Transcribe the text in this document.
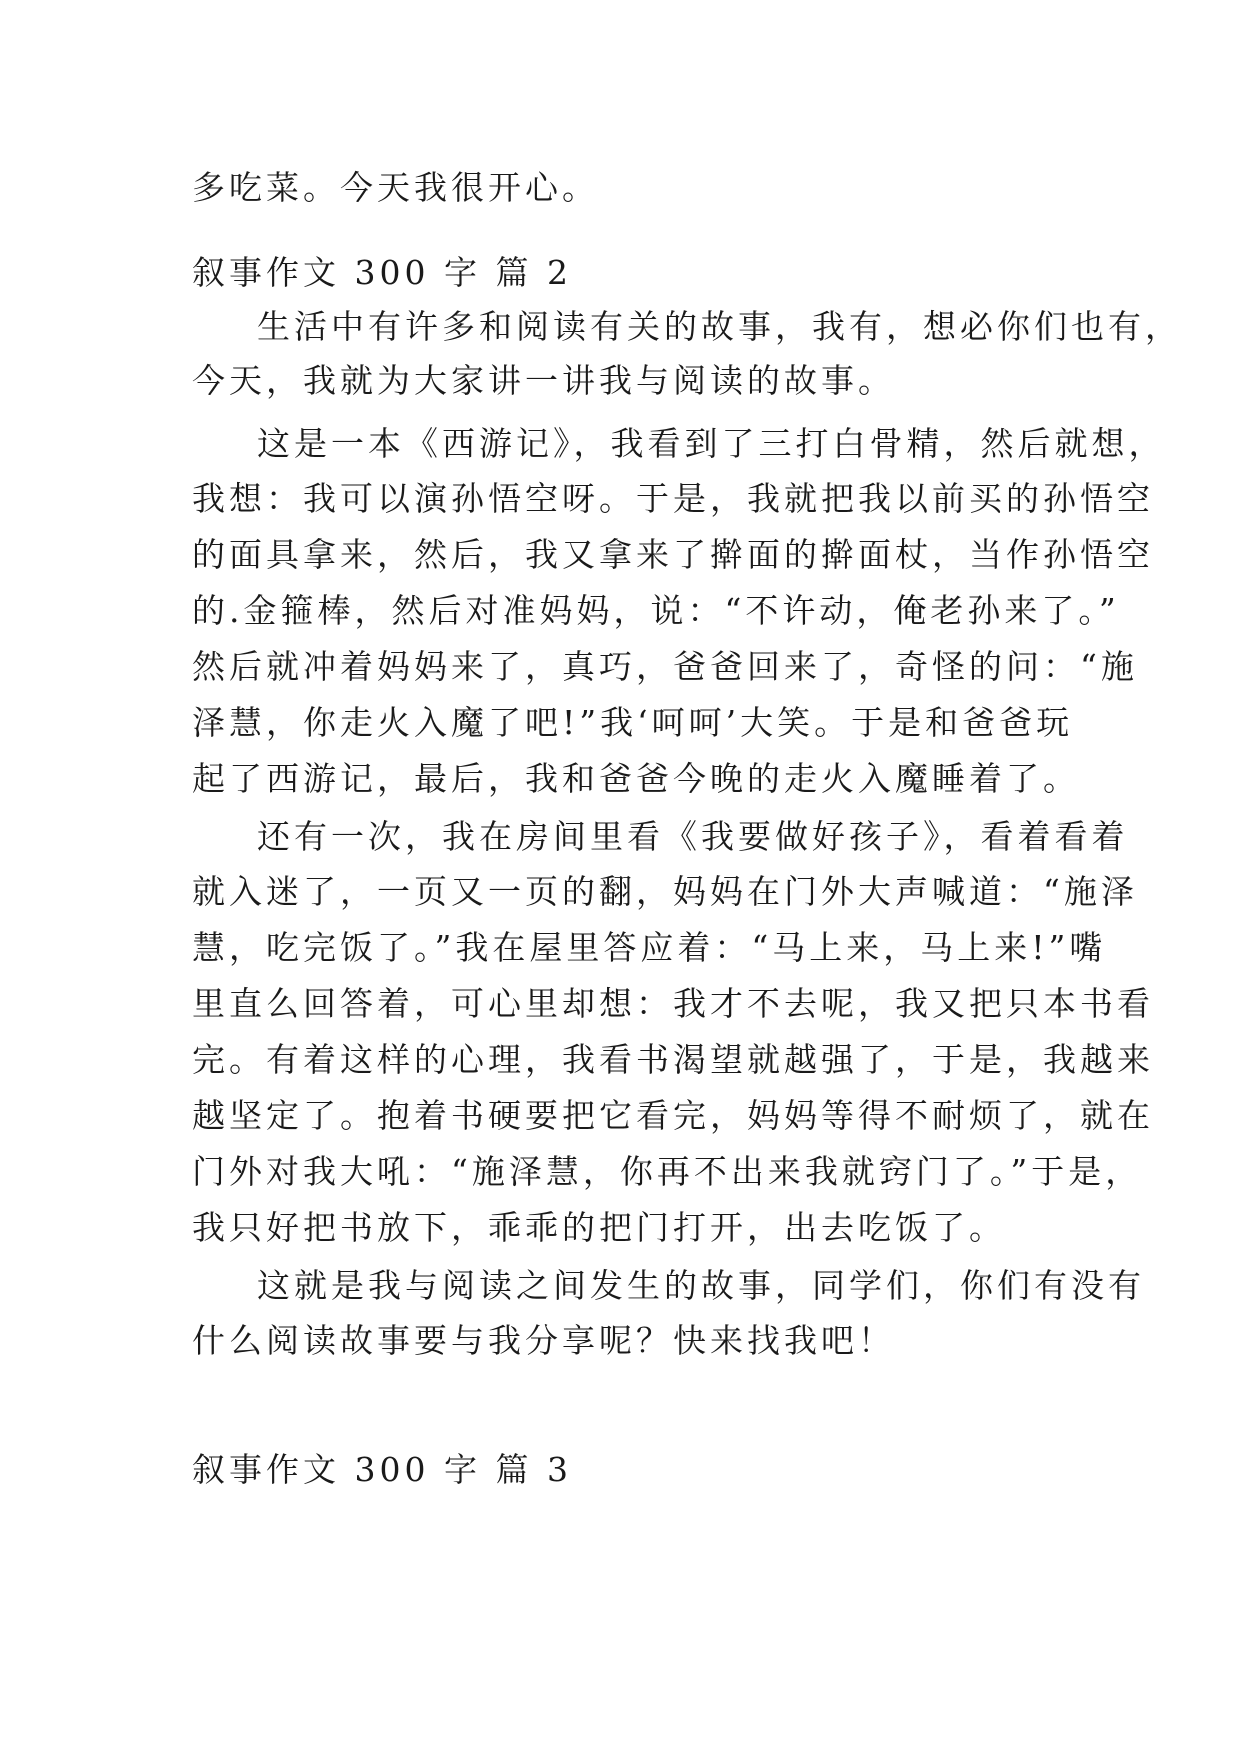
多吃菜。今天我很开心。
叙事作文 300 字 篇 2
生活中有许多和阅读有关的故事，我有，想必你们也有，
今天，我就为大家讲一讲我与阅读的故事。
这是一本《西游记》，我看到了三打白骨精，然后就想，
我想：我可以演孙悟空呀。于是，我就把我以前买的孙悟空
的面具拿来，然后，我又拿来了擀面的擀面杖，当作孙悟空
的.金箍棒，然后对准妈妈，说：“不许动，俺老孙来了。”
然后就冲着妈妈来了，真巧，爸爸回来了，奇怪的问：“施
泽慧，你走火入魔了吧!”我‘呵呵’大笑。于是和爸爸玩
起了西游记，最后，我和爸爸今晚的走火入魔睡着了。
还有一次，我在房间里看《我要做好孩子》，看着看着
就入迷了，一页又一页的翻，妈妈在门外大声喊道：“施泽
慧，吃完饭了。”我在屋里答应着：“马上来，马上来!”嘴
里直么回答着，可心里却想：我才不去呢，我又把只本书看
完。有着这样的心理，我看书渴望就越强了，于是，我越来
越坚定了。抱着书硬要把它看完，妈妈等得不耐烦了，就在
门外对我大吼：“施泽慧，你再不出来我就窍门了。”于是，
我只好把书放下，乖乖的把门打开，出去吃饭了。
这就是我与阅读之间发生的故事，同学们，你们有没有
什么阅读故事要与我分享呢？快来找我吧！
叙事作文 300 字 篇 3
